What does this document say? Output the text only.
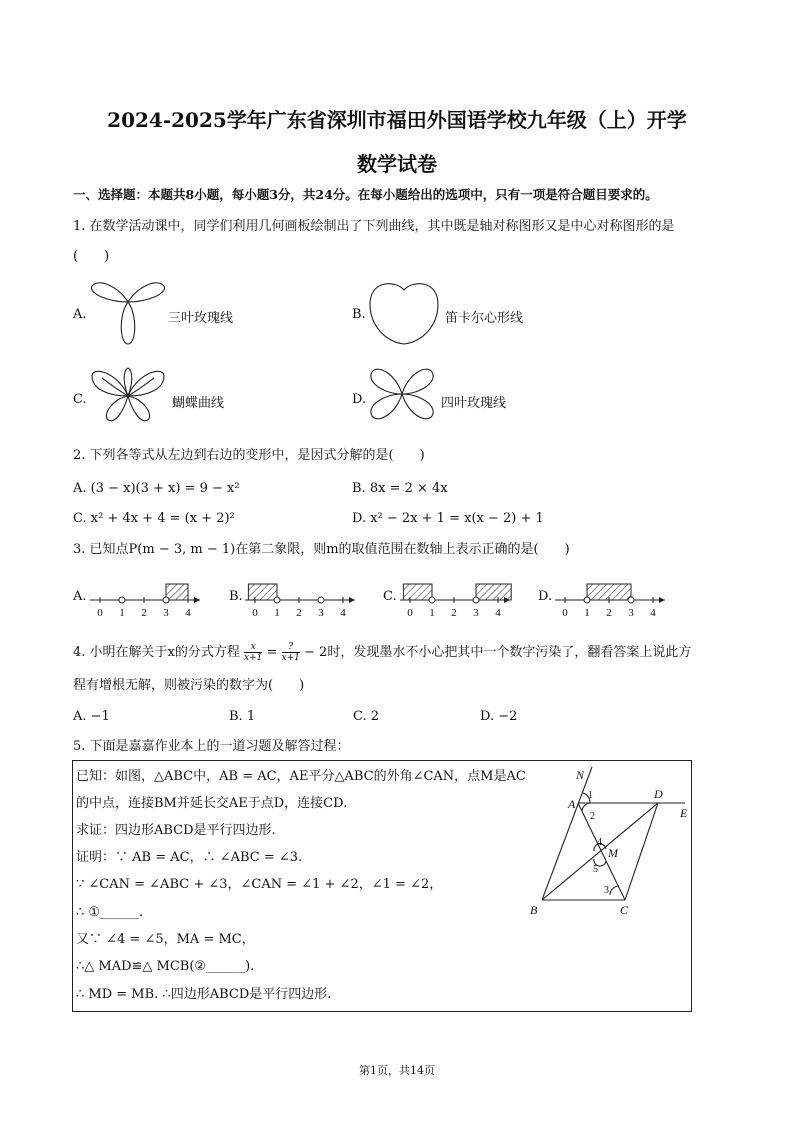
2024-2025学年广东省深圳市福田外国语学校九年级（上）开学
数学试卷
一、选择题：本题共8小题，每小题3分，共24分。在每小题给出的选项中，只有一项是符合题目要求的。
1. 在数学活动课中，同学们利用几何画板绘制出了下列曲线，其中既是轴对称图形又是中心对称图形的是
(　　)
A.	三叶玫瑰线	B.	笛卡尔心形线
C.	蝴蝶曲线	D.	四叶玫瑰线
2. 下列各等式从左边到右边的变形中，是因式分解的是(　　)
A. (3 − x)(3 + x) = 9 − x²	B. 8x = 2 × 4x
C. x² + 4x + 4 = (x + 2)²	D. x² − 2x + 1 = x(x − 2) + 1
3. 已知点P(m − 3, m − 1)在第二象限，则m的取值范围在数轴上表示正确的是(　　)
A.	B.	C.	D.
0 1 2 3 4	0 1 2 3 4	0 1 2 3 4	0 1 2 3 4
4. 小明在解关于x的分式方程 $\frac{x}{x+1} = \frac{?}{x+1} - 2$时，发现墨水不小心把其中一个数字污染了，翻看答案上说此方
程有增根无解，则被污染的数字为(　　)
A. −1	B. 1	C. 2	D. −2
5. 下面是嘉嘉作业本上的一道习题及解答过程：
已知：如图，△ABC中，AB = AC，AE平分△ABC的外角∠CAN，点M是AC
的中点，连接BM并延长交AE于点D，连接CD.
求证：四边形ABCD是平行四边形.
证明：∵ AB = AC，∴ ∠ABC = ∠3.
∵ ∠CAN = ∠ABC + ∠3，∠CAN = ∠1 + ∠2，∠1 = ∠2，
∴ ①______.
又∵ ∠4 = ∠5，MA = MC，
∴△ MAD≌△ MCB(②______).
∴ MD = MB. ∴四边形ABCD是平行四边形.
N
A
D
E
M
B	C
1
2
3
4
5
第1页，共14页
